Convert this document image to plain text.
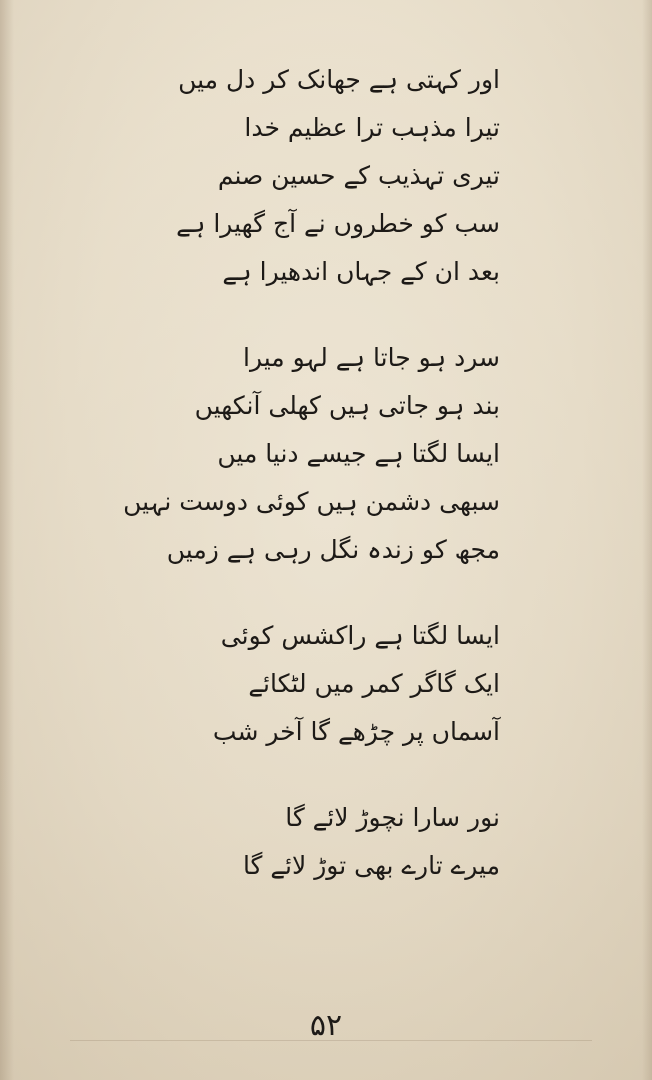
اور کہتی ہے جھانک کر دل میں
تیرا مذہب ترا عظیم خدا
تیری تہذیب کے حسین صنم
سب کو خطروں نے آج گھیرا ہے
بعد ان کے جہاں اندھیرا ہے
سرد ہو جاتا ہے لہو میرا
بند ہو جاتی ہیں کھلی آنکھیں
ایسا لگتا ہے جیسے دنیا میں
سبھی دشمن ہیں کوئی دوست نہیں
مجھ کو زندہ نگل رہی ہے زمیں
ایسا لگتا ہے راکشس کوئی
ایک گاگر کمر میں لٹکائے
آسماں پر چڑھے گا آخر شب
نور سارا نچوڑ لائے گا
میرے تارے بھی توڑ لائے گا
۵۲
